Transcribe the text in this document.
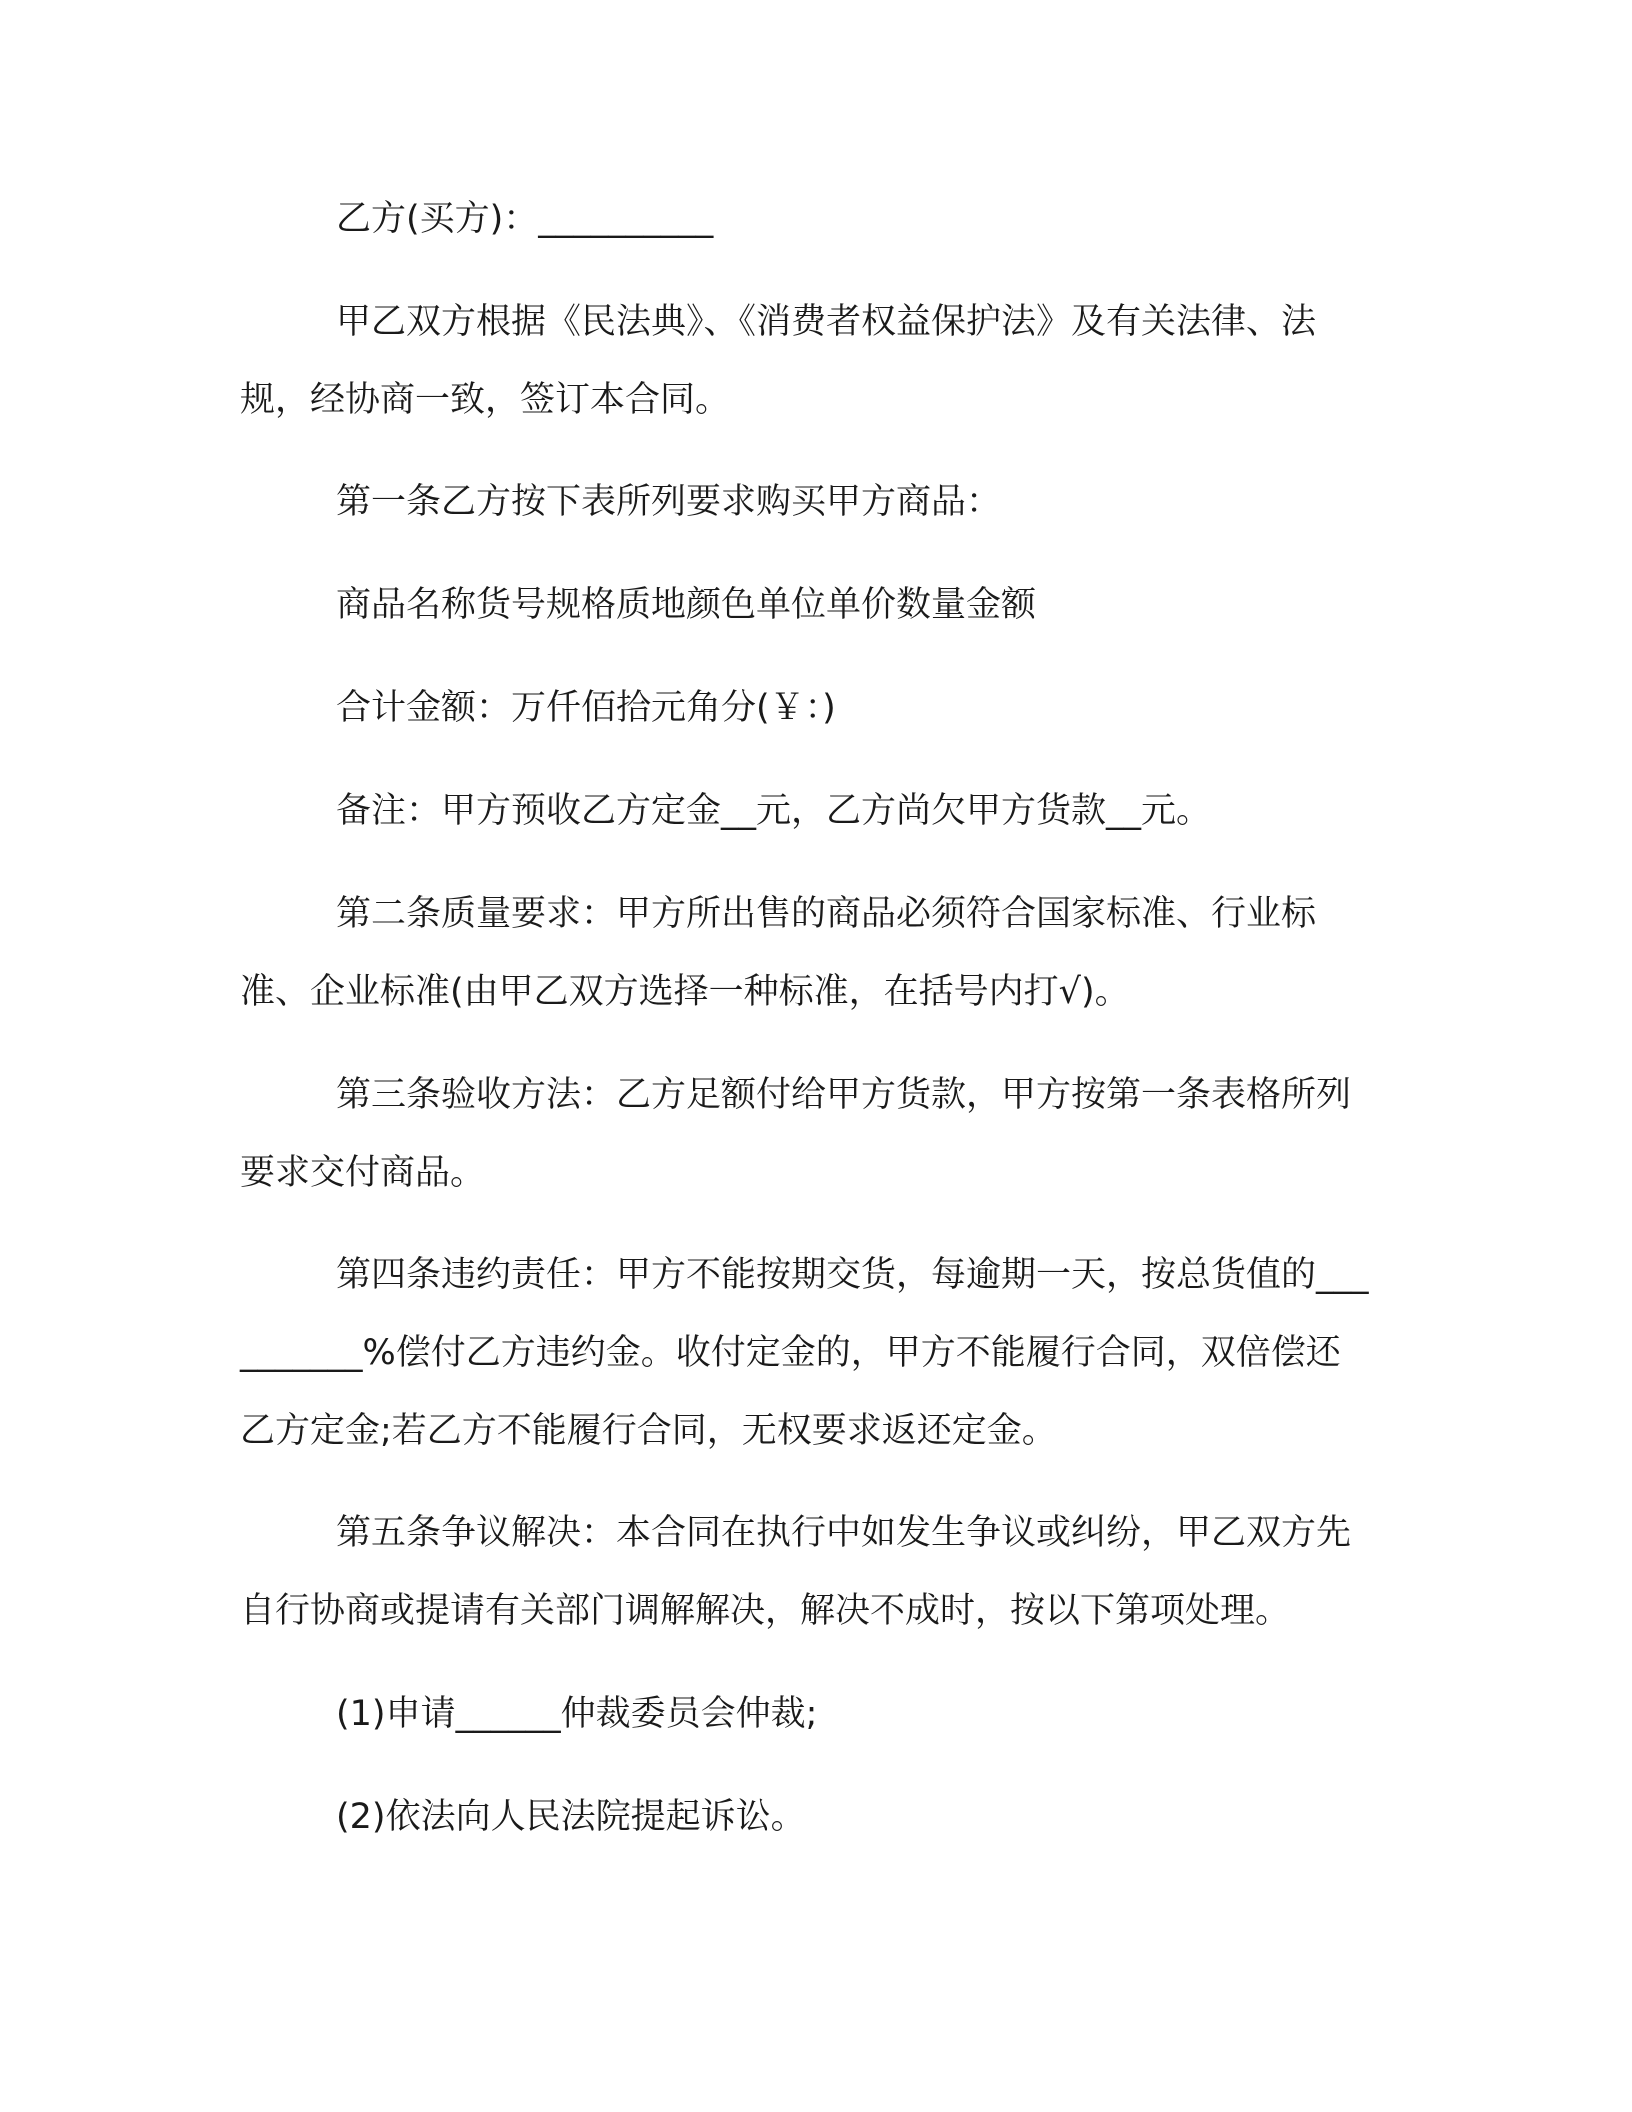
乙方(买方)：__________

甲乙双方根据《民法典》、《消费者权益保护法》及有关法律、法规，经协商一致，签订本合同。

第一条乙方按下表所列要求购买甲方商品：

商品名称货号规格质地颜色单位单价数量金额

合计金额：万仟佰拾元角分(￥：)

备注：甲方预收乙方定金__元，乙方尚欠甲方货款__元。

第二条质量要求：甲方所出售的商品必须符合国家标准、行业标准、企业标准(由甲乙双方选择一种标准，在括号内打√)。

第三条验收方法：乙方足额付给甲方货款，甲方按第一条表格所列要求交付商品。

第四条违约责任：甲方不能按期交货，每逾期一天，按总货值的__________%偿付乙方违约金。收付定金的，甲方不能履行合同，双倍偿还乙方定金;若乙方不能履行合同，无权要求返还定金。

第五条争议解决：本合同在执行中如发生争议或纠纷，甲乙双方先自行协商或提请有关部门调解解决，解决不成时，按以下第项处理。

(1)申请______仲裁委员会仲裁;

(2)依法向人民法院提起诉讼。
